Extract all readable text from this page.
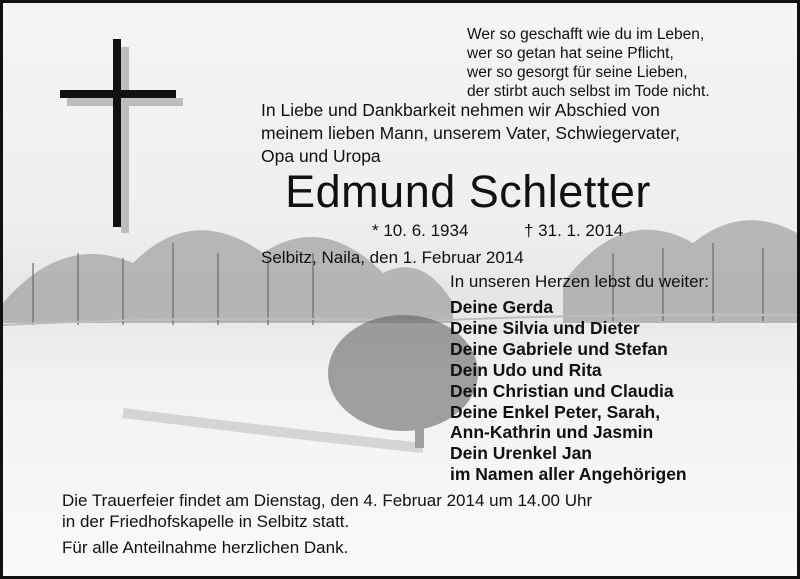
Wer so geschafft wie du im Leben,
wer so getan hat seine Pflicht,
wer so gesorgt für seine Lieben,
der stirbt auch selbst im Tode nicht.
In Liebe und Dankbarkeit nehmen wir Abschied von
meinem lieben Mann, unserem Vater, Schwiegervater,
Opa und Uropa
Edmund Schletter
* 10. 6. 1934	† 31. 1. 2014
Selbitz, Naila, den 1. Februar 2014
In unseren Herzen lebst du weiter:
Deine Gerda
Deine Silvia und Dieter
Deine Gabriele und Stefan
Dein Udo und Rita
Dein Christian und Claudia
Deine Enkel Peter, Sarah,
Ann-Kathrin und Jasmin
Dein Urenkel Jan
im Namen aller Angehörigen
Die Trauerfeier findet am Dienstag, den 4. Februar 2014 um 14.00 Uhr
in der Friedhofskapelle in Selbitz statt.
Für alle Anteilnahme herzlichen Dank.
